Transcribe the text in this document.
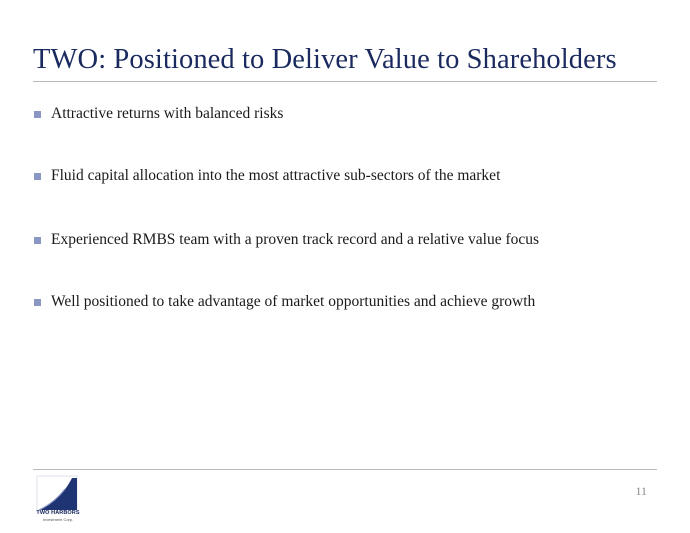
TWO: Positioned to Deliver Value to Shareholders
Attractive returns with balanced risks
Fluid capital allocation into the most attractive sub-sectors of the market
Experienced RMBS team with a proven track record and a relative value focus
Well positioned to take advantage of market opportunities and achieve growth
TWO HARBORS
Investment Corp.
11
